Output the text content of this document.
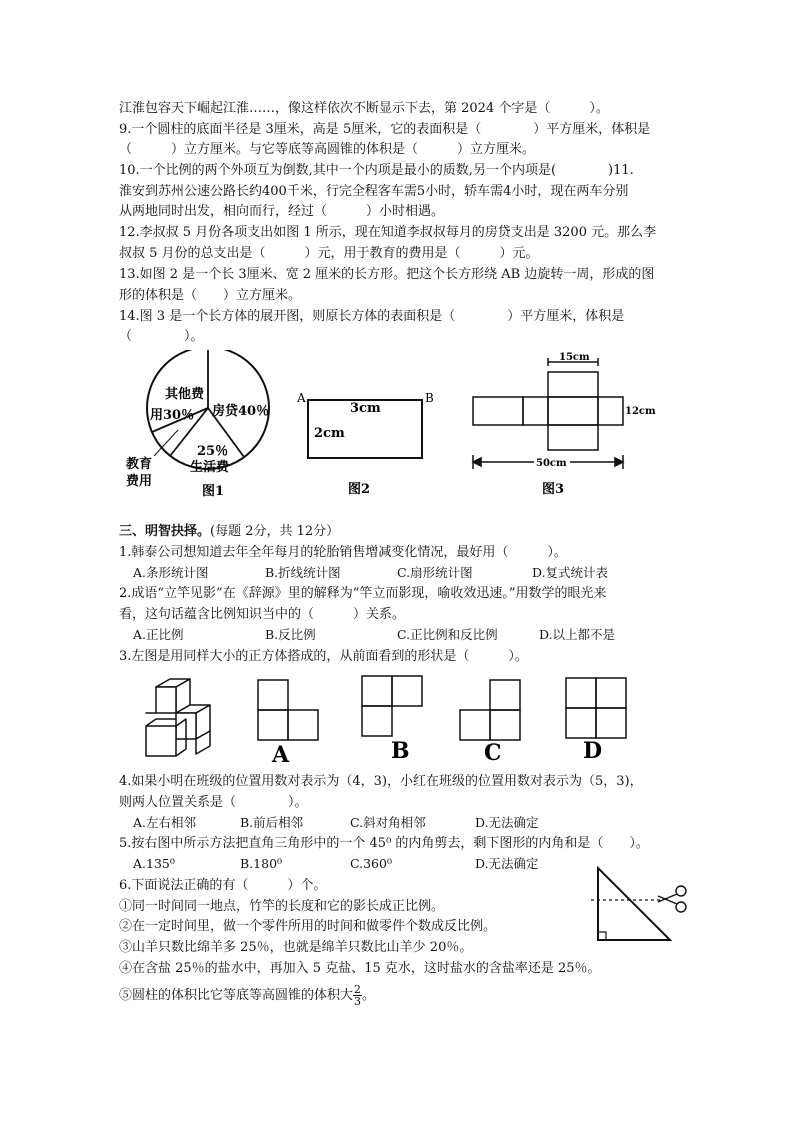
江淮包容天下崛起江淮……，像这样依次不断显示下去，第 2024 个字是（　　　）。
9.一个圆柱的底面半径是 3厘米，高是 5厘米，它的表面积是（　　　　）平方厘米，体积是
（　　　）立方厘米。与它等底等高圆锥的体积是（　　　）立方厘米。
10.一个比例的两个外项互为倒数,其中一个内项是最小的质数,另一个内项是(　　　　)11.
淮安到苏州公速公路长约400千米，行完全程客车需5小时，轿车需4小时，现在两车分别
从两地同时出发，相向而行，经过（　　　）小时相遇。
12.李叔叔 5 月份各项支出如图 1 所示，现在知道李叔叔每月的房贷支出是 3200 元。那么李
叔叔 5 月份的总支出是（　　　）元，用于教育的费用是（　　　）元。
13.如图 2 是一个长 3厘米、宽 2 厘米的长方形。把这个长方形绕 AB 边旋转一周，形成的图
形的体积是（　　）立方厘米。
14.图 3 是一个长方体的展开图，则原长方体的表面积是（　　　　）平方厘米，体积是
（　　　　）。
其他费
用30％ 房贷40％
25％
生活费
教育
费用
图1
A	B
3cm
2cm
图2
15cm
12cm
50cm
图3
三、明智抉择。(每题 2分，共 12分）
1.韩泰公司想知道去年全年每月的轮胎销售增减变化情况，最好用（　　　）。
A.条形统计图	B.折线统计图	C.扇形统计图	D.复式统计表
2.成语“立竿见影”在《辞源》里的解释为“竿立而影现，喻收效迅速。”用数学的眼光来
看，这句话蕴含比例知识当中的（　　　）关系。
A.正比例	B.反比例	C.正比例和反比例	D.以上都不是
3.左图是用同样大小的正方体搭成的，从前面看到的形状是（　　　）。
A	B	C	D
4.如果小明在班级的位置用数对表示为（4，3)，小红在班级的位置用数对表示为（5，3)，
则两人位置关系是（　　　　）。
A.左右相邻	B.前后相邻	C.斜对角相邻	D.无法确定
5.按右图中所示方法把直角三角形中的一个 45⁰ 的内角剪去，剩下图形的内角和是（　　）。
A.135⁰	B.180⁰	C.360⁰	D.无法确定
6.下面说法正确的有（　　　）个。
①同一时间同一地点，竹竿的长度和它的影长成正比例。
②在一定时间里，做一个零件所用的时间和做零件个数成反比例。
③山羊只数比绵羊多 25％，也就是绵羊只数比山羊少 20％。
④在含盐 25％的盐水中，再加入 5 克盐、15 克水，这时盐水的含盐率还是 25％。
⑤圆柱的体积比它等底等高圆锥的体积大 $\frac{2}{3}$ 。
